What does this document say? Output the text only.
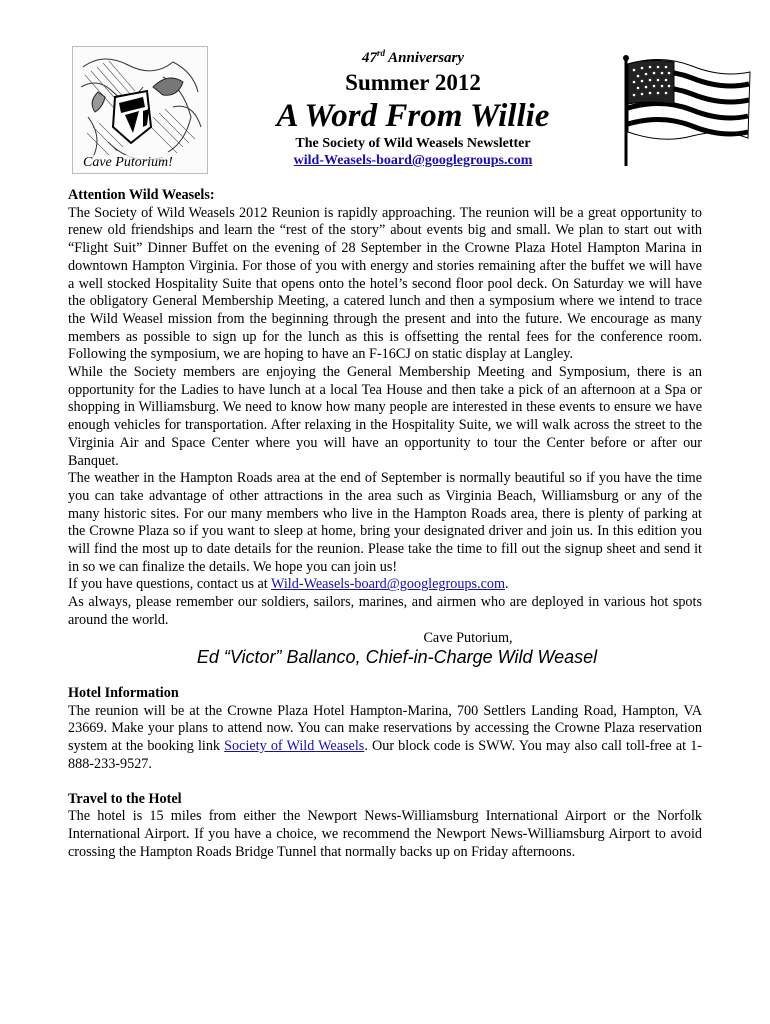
Cave Putorium!
47rd Anniversary
Summer 2012
A Word From Willie
The Society of Wild Weasels Newsletter
wild-Weasels-board@googlegroups.com

Attention Wild Weasels:

The Society of Wild Weasels 2012 Reunion is rapidly approaching. The reunion will be a great opportunity to renew old friendships and learn the “rest of the story” about events big and small. We plan to start out with “Flight Suit” Dinner Buffet on the evening of 28 September in the Crowne Plaza Hotel Hampton Marina in downtown Hampton Virginia. For those of you with energy and stories remaining after the buffet we will have a well stocked Hospitality Suite that opens onto the hotel’s second floor pool deck. On Saturday we will have the obligatory General Membership Meeting, a catered lunch and then a symposium where we intend to trace the Wild Weasel mission from the beginning through the present and into the future. We encourage as many members as possible to sign up for the lunch as this is offsetting the rental fees for the conference room. Following the symposium, we are hoping to have an F-16CJ on static display at Langley.

While the Society members are enjoying the General Membership Meeting and Symposium, there is an opportunity for the Ladies to have lunch at a local Tea House and then take a pick of an afternoon at a Spa or shopping in Williamsburg. We need to know how many people are interested in these events to ensure we have enough vehicles for transportation. After relaxing in the Hospitality Suite, we will walk across the street to the Virginia Air and Space Center where you will have an opportunity to tour the Center before or after our Banquet.

The weather in the Hampton Roads area at the end of September is normally beautiful so if you have the time you can take advantage of other attractions in the area such as Virginia Beach, Williamsburg or any of the many historic sites. For our many members who live in the Hampton Roads area, there is plenty of parking at the Crowne Plaza so if you want to sleep at home, bring your designated driver and join us. In this edition you will find the most up to date details for the reunion. Please take the time to fill out the signup sheet and send it in so we can finalize the details. We hope you can join us!

If you have questions, contact us at Wild-Weasels-board@googlegroups.com.

As always, please remember our soldiers, sailors, marines, and airmen who are deployed in various hot spots around the world.

Cave Putorium,

Ed “Victor” Ballanco, Chief-in-Charge Wild Weasel

Hotel Information

The reunion will be at the Crowne Plaza Hotel Hampton-Marina, 700 Settlers Landing Road, Hampton, VA 23669. Make your plans to attend now. You can make reservations by accessing the Crowne Plaza reservation system at the booking link Society of Wild Weasels. Our block code is SWW. You may also call toll-free at 1-888-233-9527.

Travel to the Hotel

The hotel is 15 miles from either the Newport News-Williamsburg International Airport or the Norfolk International Airport. If you have a choice, we recommend the Newport News-Williamsburg Airport to avoid crossing the Hampton Roads Bridge Tunnel that normally backs up on Friday afternoons.
